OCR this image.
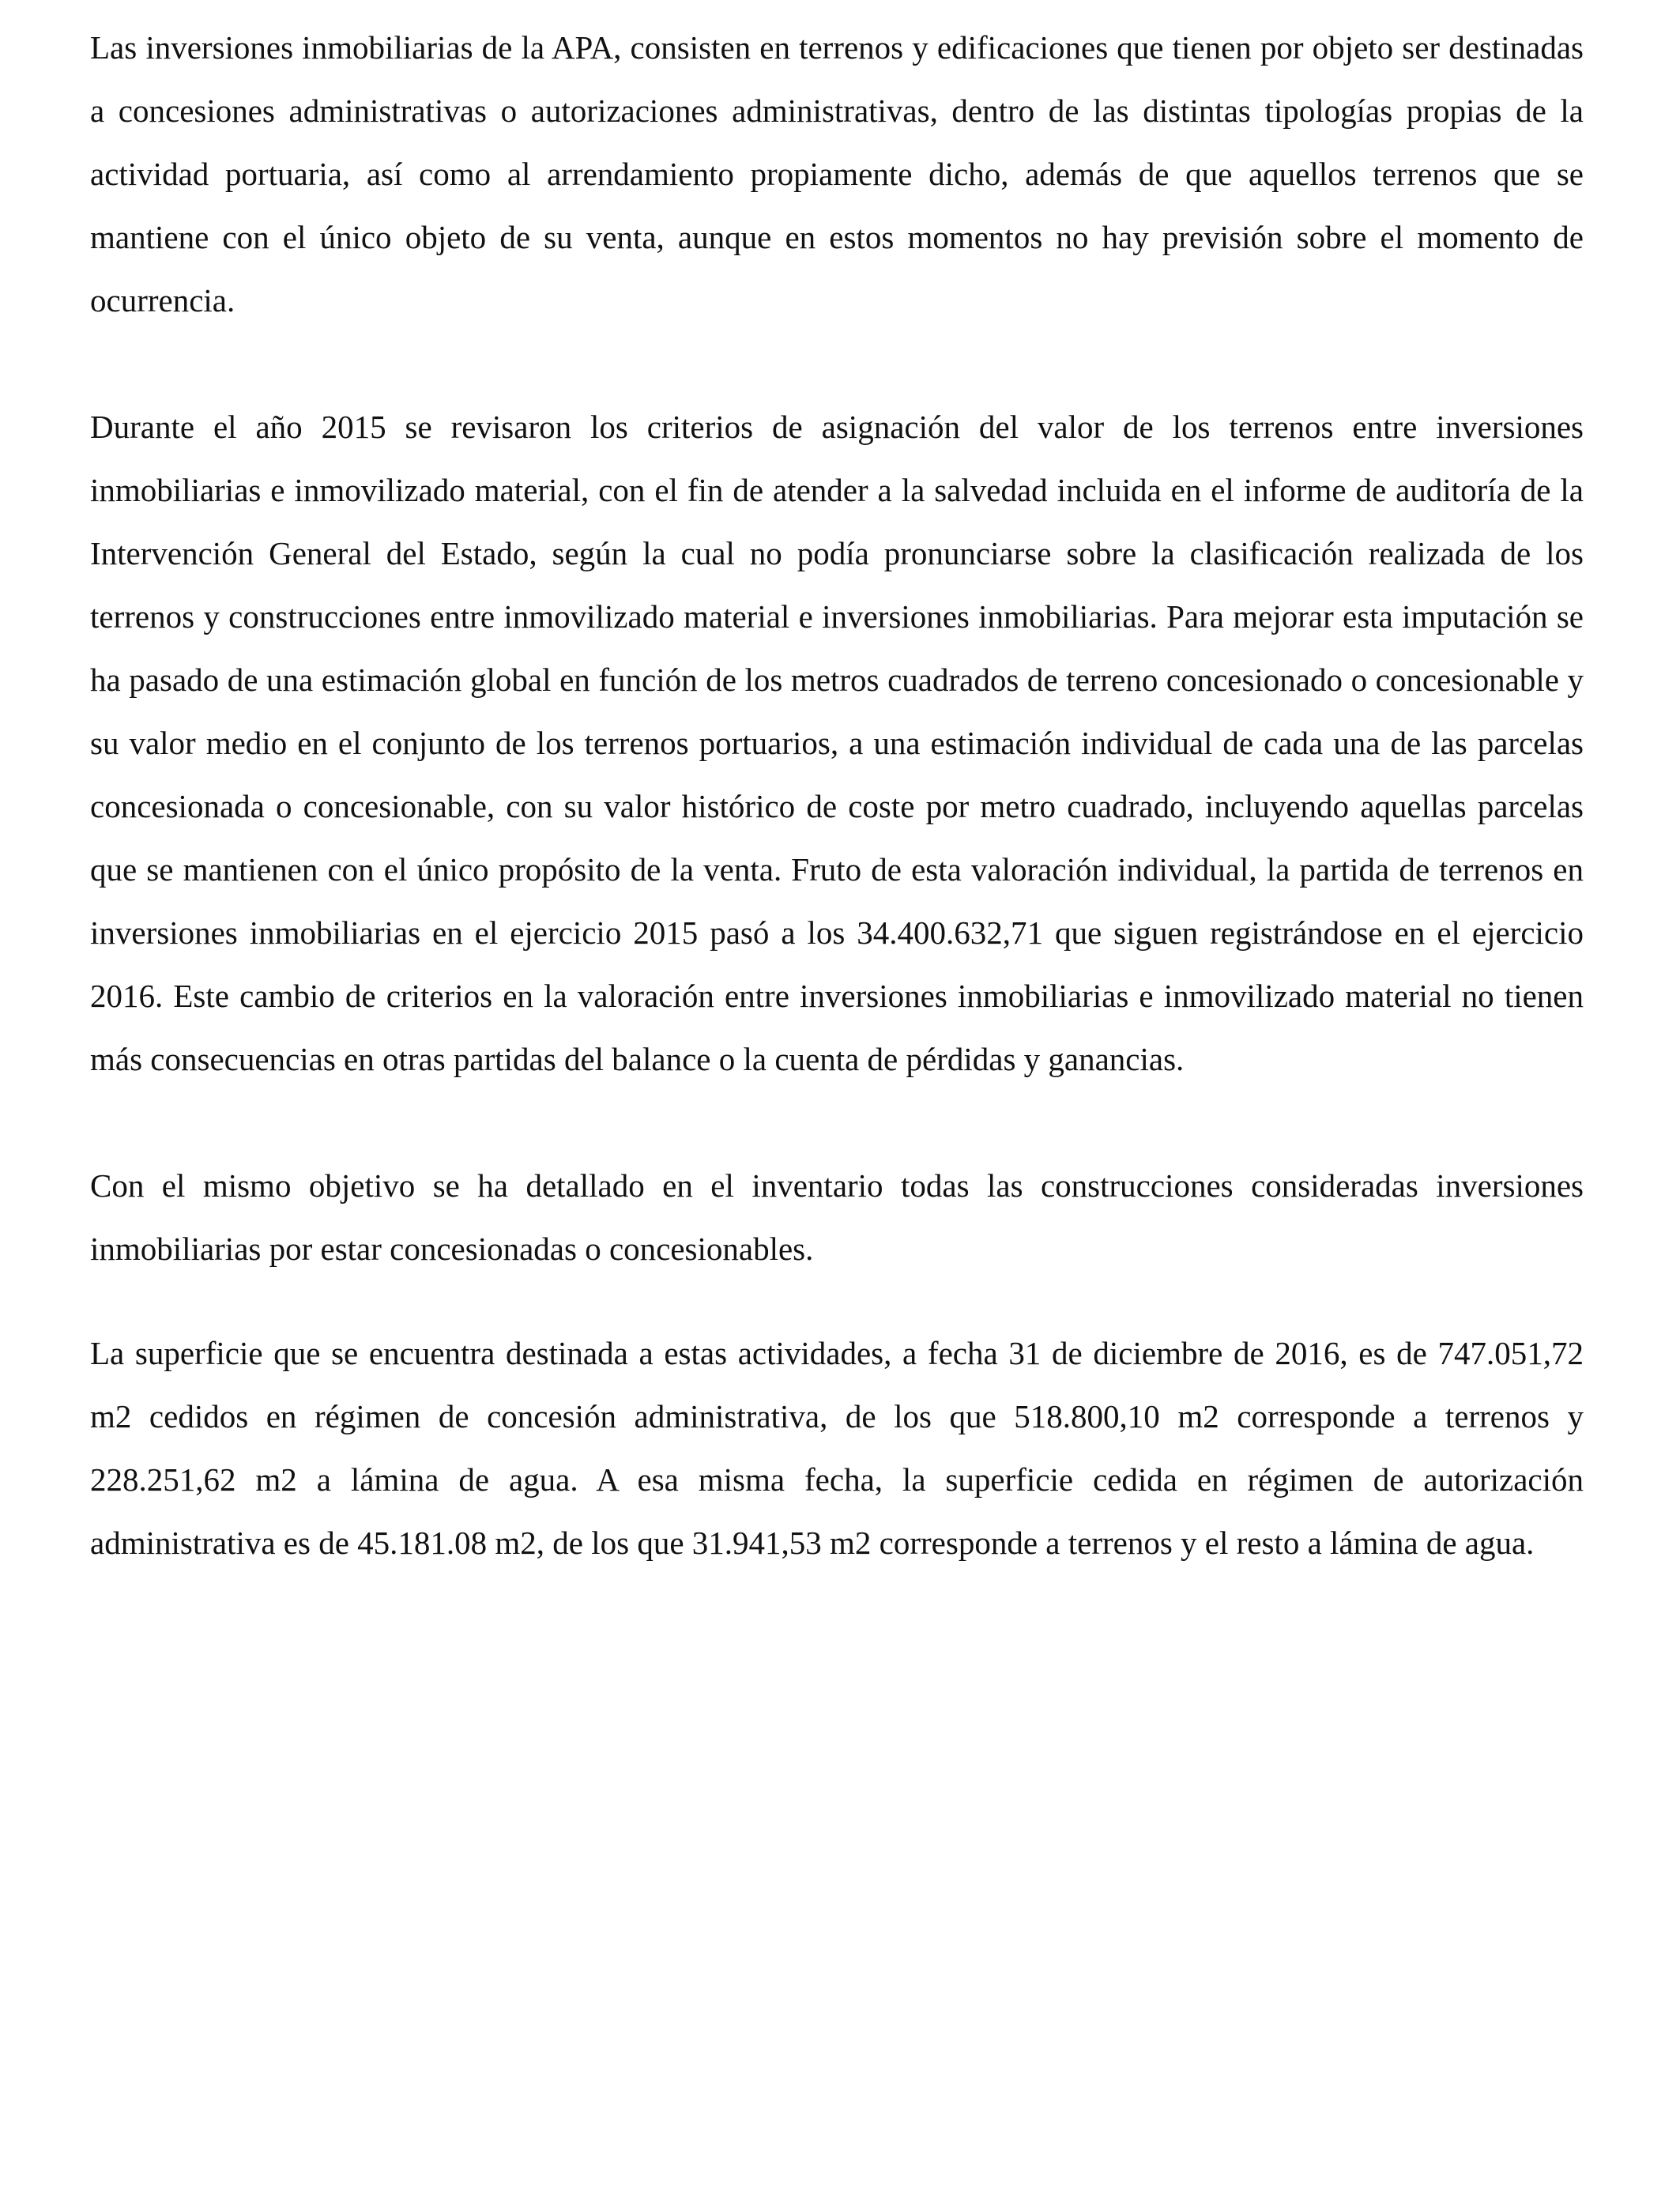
Las inversiones inmobiliarias de la APA, consisten en terrenos y edificaciones que tienen por objeto ser destinadas a concesiones administrativas o autorizaciones administrativas, dentro de las distintas tipologías propias de la actividad portuaria, así como al arrendamiento propiamente dicho, además de que aquellos terrenos que se mantiene con el único objeto de su venta, aunque en estos momentos no hay previsión sobre el momento de ocurrencia.

Durante el año 2015 se revisaron los criterios de asignación del valor de los terrenos entre inversiones inmobiliarias e inmovilizado material, con el fin de atender a la salvedad incluida en el informe de auditoría de la Intervención General del Estado, según la cual no podía pronunciarse sobre la clasificación realizada de los terrenos y construcciones entre inmovilizado material e inversiones inmobiliarias. Para mejorar esta imputación se ha pasado de una estimación global en función de los metros cuadrados de terreno concesionado o concesionable y su valor medio en el conjunto de los terrenos portuarios, a una estimación individual de cada una de las parcelas concesionada o concesionable, con su valor histórico de coste por metro cuadrado, incluyendo aquellas parcelas que se mantienen con el único propósito de la venta. Fruto de esta valoración individual, la partida de terrenos en inversiones inmobiliarias en el ejercicio 2015 pasó a los 34.400.632,71 que siguen registrándose en el ejercicio 2016. Este cambio de criterios en la valoración entre inversiones inmobiliarias e inmovilizado material no tienen más consecuencias en otras partidas del balance o la cuenta de pérdidas y ganancias.

Con el mismo objetivo se ha detallado en el inventario todas las construcciones consideradas inversiones inmobiliarias por estar concesionadas o concesionables.

La superficie que se encuentra destinada a estas actividades, a fecha 31 de diciembre de 2016, es de 747.051,72 m2 cedidos en régimen de concesión administrativa, de los que 518.800,10 m2 corresponde a terrenos y 228.251,62 m2 a lámina de agua. A esa misma fecha, la superficie cedida en régimen de autorización administrativa es de 45.181.08 m2, de los que 31.941,53 m2 corresponde a terrenos y el resto a lámina de agua.
